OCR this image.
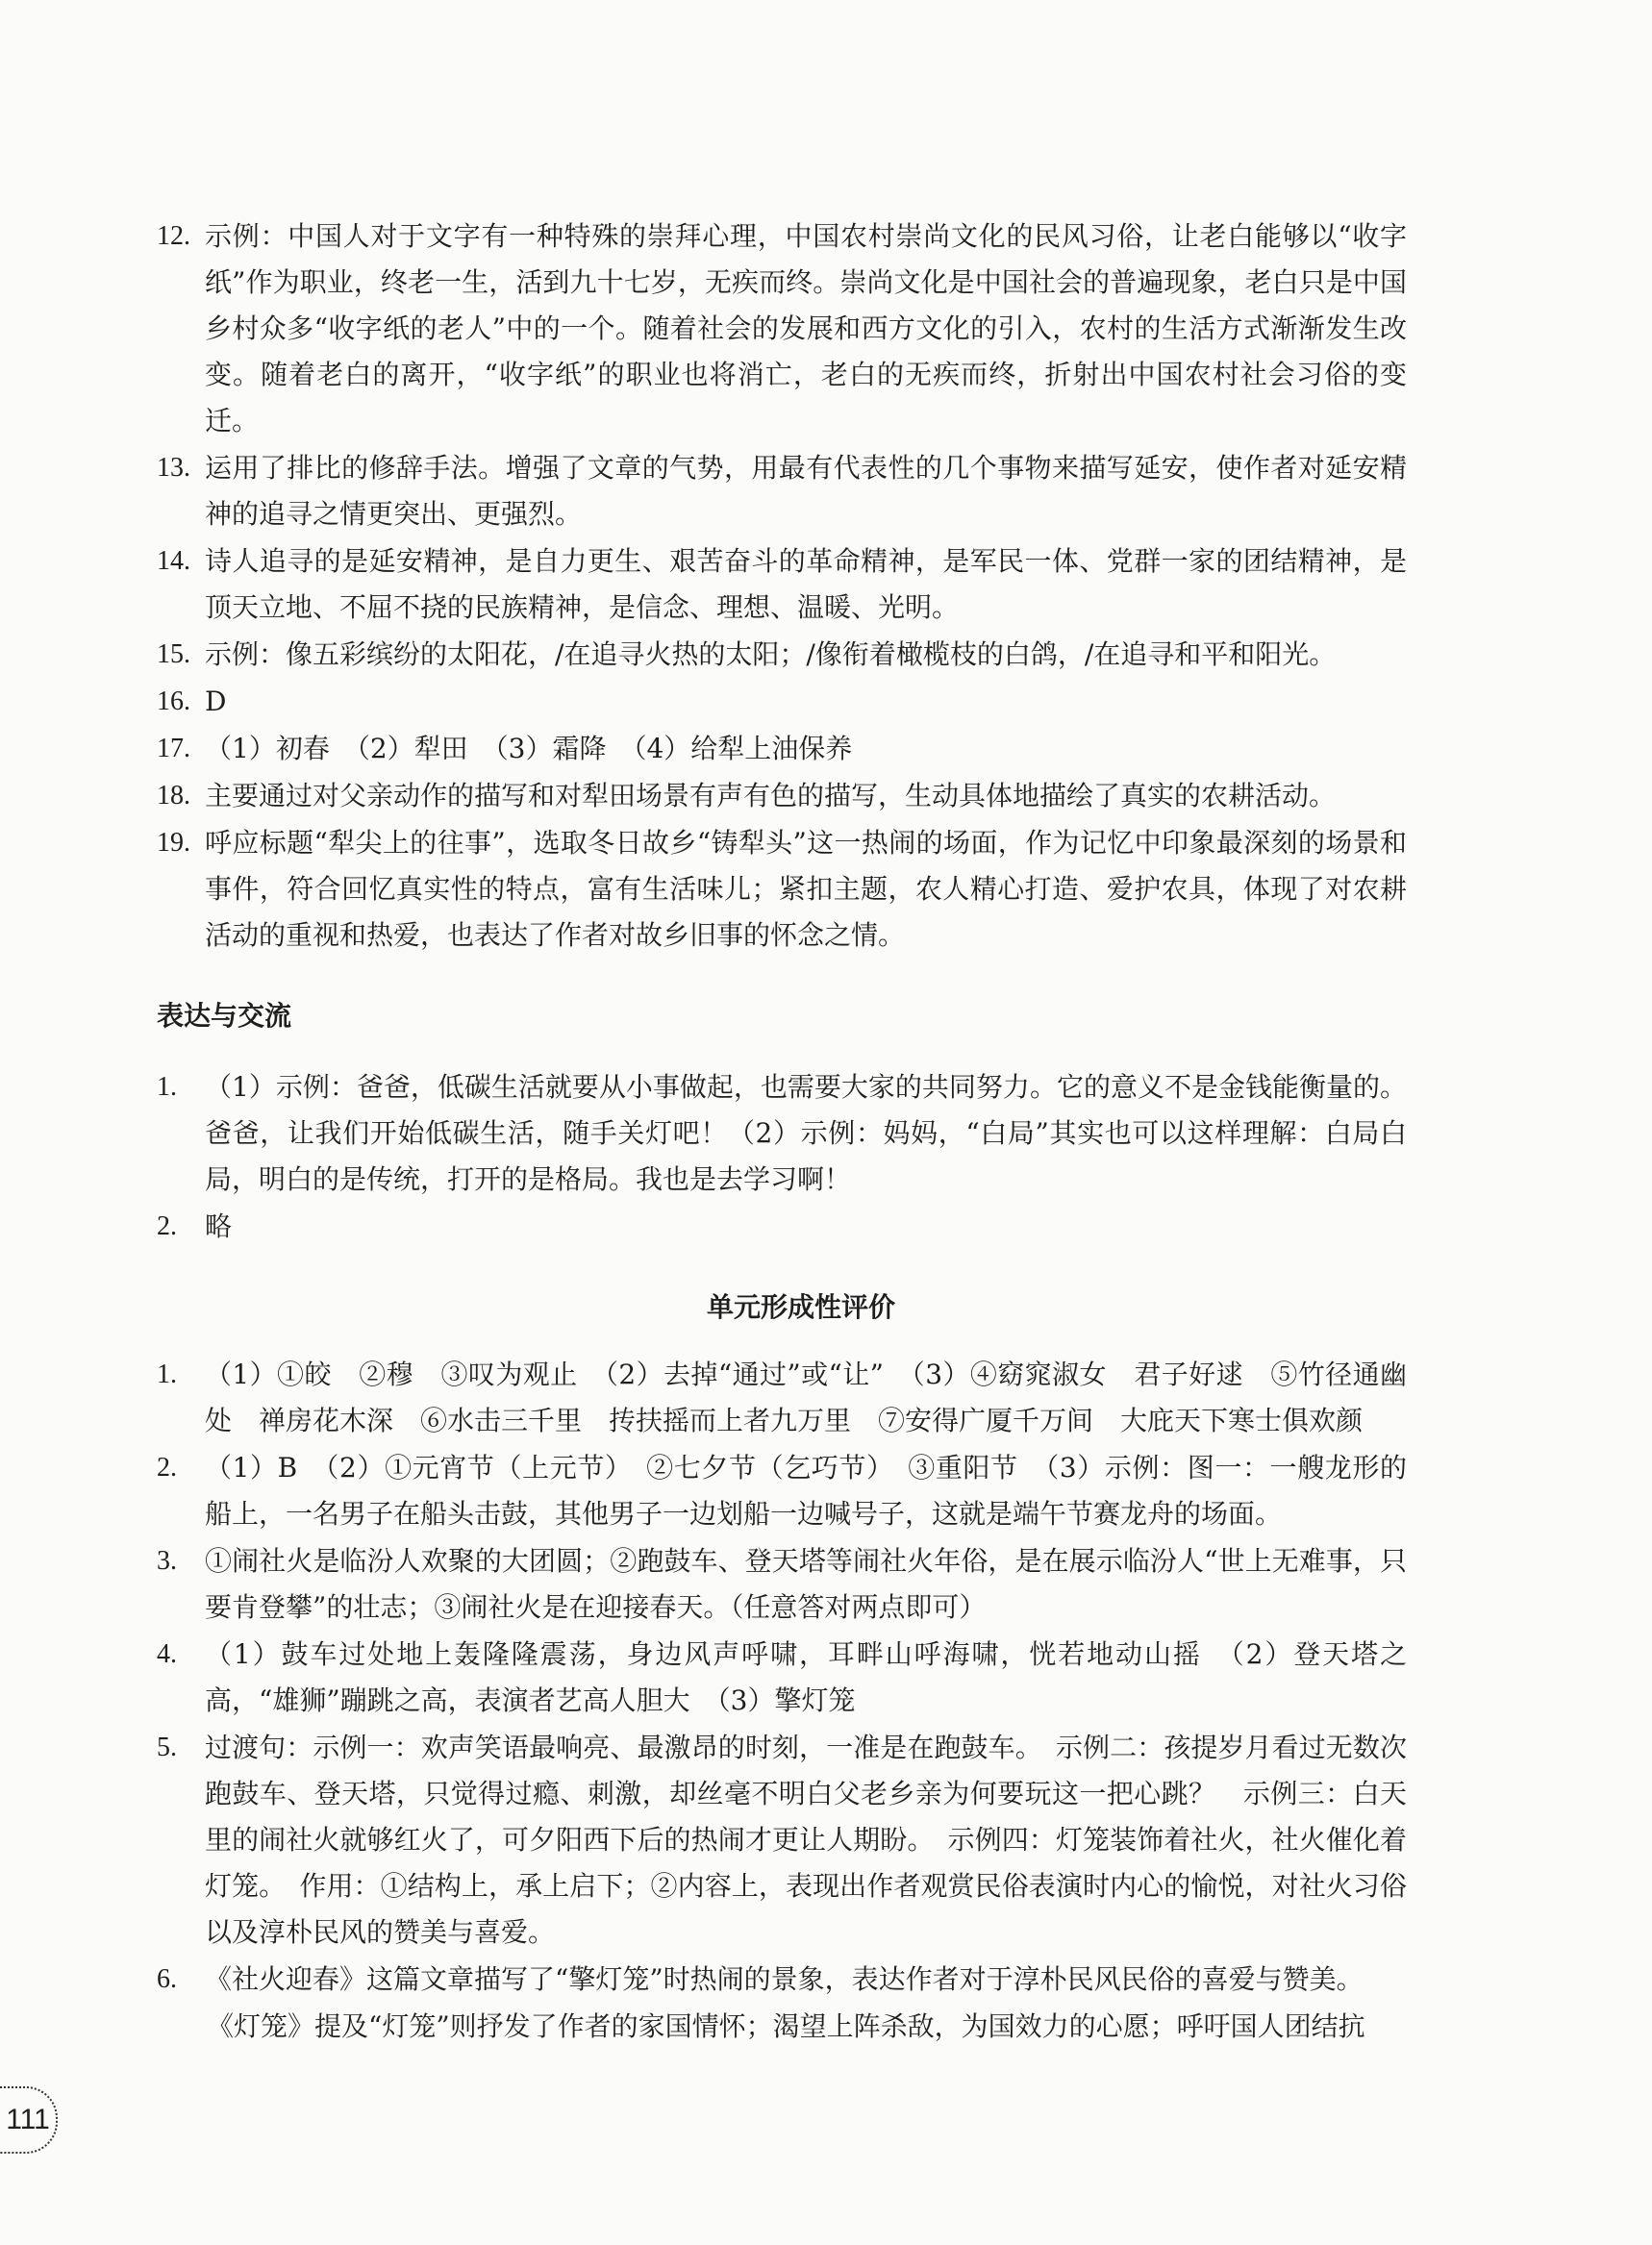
12. 示例：中国人对于文字有一种特殊的崇拜心理，中国农村崇尚文化的民风习俗，让老白能够以“收字纸”作为职业，终老一生，活到九十七岁，无疾而终。崇尚文化是中国社会的普遍现象，老白只是中国乡村众多“收字纸的老人”中的一个。随着社会的发展和西方文化的引入，农村的生活方式渐渐发生改变。随着老白的离开，“收字纸”的职业也将消亡，老白的无疾而终，折射出中国农村社会习俗的变迁。
13. 运用了排比的修辞手法。增强了文章的气势，用最有代表性的几个事物来描写延安，使作者对延安精神的追寻之情更突出、更强烈。
14. 诗人追寻的是延安精神，是自力更生、艰苦奋斗的革命精神，是军民一体、党群一家的团结精神，是顶天立地、不屈不挠的民族精神，是信念、理想、温暖、光明。
15. 示例：像五彩缤纷的太阳花，/在追寻火热的太阳；/像衔着橄榄枝的白鸽，/在追寻和平和阳光。
16. D
17. （1）初春　（2）犁田　（3）霜降　（4）给犁上油保养
18. 主要通过对父亲动作的描写和对犁田场景有声有色的描写，生动具体地描绘了真实的农耕活动。
19. 呼应标题“犁尖上的往事”，选取冬日故乡“铸犁头”这一热闹的场面，作为记忆中印象最深刻的场景和事件，符合回忆真实性的特点，富有生活味儿；紧扣主题，农人精心打造、爱护农具，体现了对农耕活动的重视和热爱，也表达了作者对故乡旧事的怀念之情。
表达与交流
1.	（1）示例：爸爸，低碳生活就要从小事做起，也需要大家的共同努力。它的意义不是金钱能衡量的。爸爸，让我们开始低碳生活，随手关灯吧！（2）示例：妈妈，“白局”其实也可以这样理解：白局白局，明白的是传统，打开的是格局。我也是去学习啊！
2.	略
单元形成性评价
1.	（1）①皎　②穆　③叹为观止　（2）去掉“通过”或“让”　（3）④窈窕淑女　君子好逑　⑤竹径通幽处　禅房花木深　⑥水击三千里　抟扶摇而上者九万里　⑦安得广厦千万间　大庇天下寒士俱欢颜
2.	（1）B　（2）①元宵节（上元节）　②七夕节（乞巧节）　③重阳节　（3）示例：图一：一艘龙形的船上，一名男子在船头击鼓，其他男子一边划船一边喊号子，这就是端午节赛龙舟的场面。
3.	①闹社火是临汾人欢聚的大团圆；②跑鼓车、登天塔等闹社火年俗，是在展示临汾人“世上无难事，只要肯登攀”的壮志；③闹社火是在迎接春天。（任意答对两点即可）
4.	（1）鼓车过处地上轰隆隆震荡，身边风声呼啸，耳畔山呼海啸，恍若地动山摇　（2）登天塔之高，“雄狮”蹦跳之高，表演者艺高人胆大　（3）擎灯笼
5.	过渡句：示例一：欢声笑语最响亮、最激昂的时刻，一准是在跑鼓车。　示例二：孩提岁月看过无数次跑鼓车、登天塔，只觉得过瘾、刺激，却丝毫不明白父老乡亲为何要玩这一把心跳？　示例三：白天里的闹社火就够红火了，可夕阳西下后的热闹才更让人期盼。　示例四：灯笼装饰着社火，社火催化着灯笼。　作用：①结构上，承上启下；②内容上，表现出作者观赏民俗表演时内心的愉悦，对社火习俗以及淳朴民风的赞美与喜爱。
6.	《社火迎春》这篇文章描写了“擎灯笼”时热闹的景象，表达作者对于淳朴民风民俗的喜爱与赞美。
《灯笼》提及“灯笼”则抒发了作者的家国情怀；渴望上阵杀敌，为国效力的心愿；呼吁国人团结抗
111
